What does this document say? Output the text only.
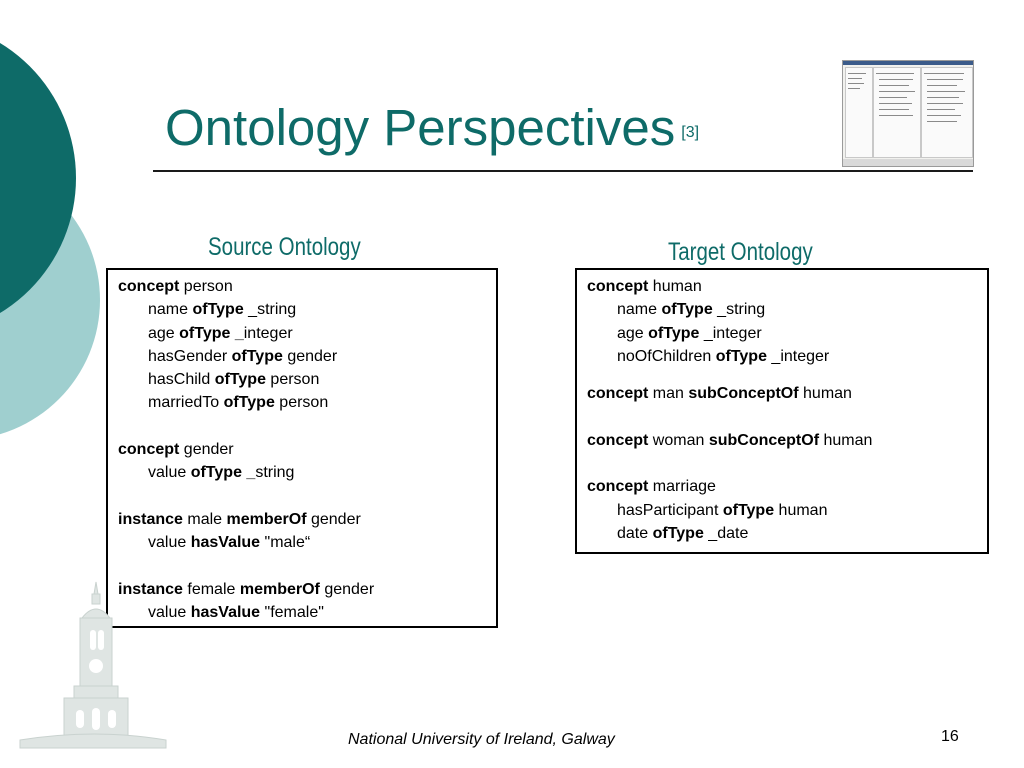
Ontology Perspectives [3]
Source Ontology	Target Ontology
concept person
name ofType _string
age ofType _integer
hasGender ofType gender
hasChild ofType person
marriedTo ofType person
concept gender
value ofType _string
instance male memberOf gender
value hasValue "male“
instance female memberOf gender
value hasValue "female"
concept human
name ofType _string
age ofType _integer
noOfChildren ofType _integer
concept man subConceptOf human
concept woman subConceptOf human
concept marriage
hasParticipant ofType human
date ofType _date
National University of Ireland, Galway	16
